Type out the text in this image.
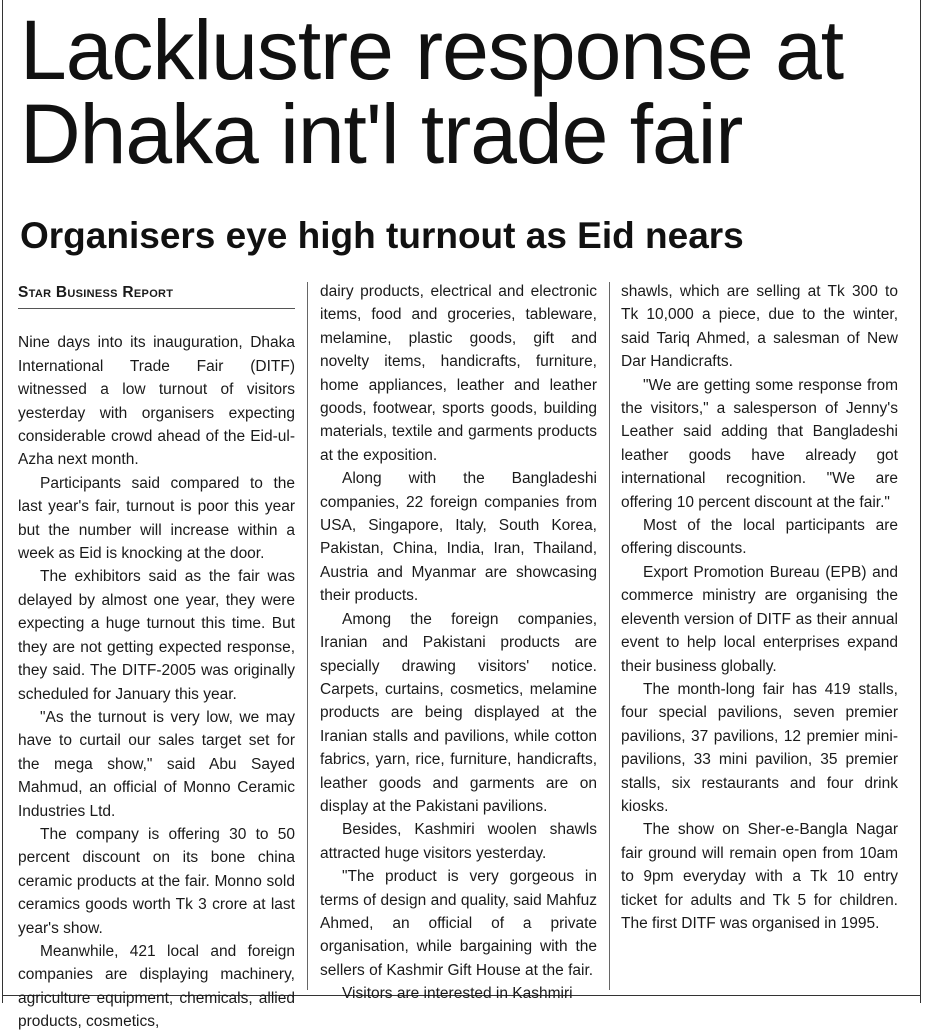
Lacklustre response at
Dhaka int'l trade fair
Organisers eye high turnout as Eid nears
Star Business Report

Nine days into its inauguration, Dhaka International Trade Fair (DITF) witnessed a low turnout of visitors yesterday with organisers expecting considerable crowd ahead of the Eid-ul-Azha next month.

Participants said compared to the last year's fair, turnout is poor this year but the number will increase within a week as Eid is knocking at the door.

The exhibitors said as the fair was delayed by almost one year, they were expecting a huge turnout this time. But they are not getting expected response, they said. The DITF-2005 was originally scheduled for January this year.

"As the turnout is very low, we may have to curtail our sales target set for the mega show," said Abu Sayed Mahmud, an official of Monno Ceramic Industries Ltd.

The company is offering 30 to 50 percent discount on its bone china ceramic products at the fair. Monno sold ceramics goods worth Tk 3 crore at last year's show.

Meanwhile, 421 local and foreign companies are displaying machinery, agriculture equipment, chemicals, allied products, cosmetics,

dairy products, electrical and electronic items, food and groceries, tableware, melamine, plastic goods, gift and novelty items, handicrafts, furniture, home appliances, leather and leather goods, footwear, sports goods, building materials, textile and garments products at the exposition.

Along with the Bangladeshi companies, 22 foreign companies from USA, Singapore, Italy, South Korea, Pakistan, China, India, Iran, Thailand, Austria and Myanmar are showcasing their products.

Among the foreign companies, Iranian and Pakistani products are specially drawing visitors' notice. Carpets, curtains, cosmetics, melamine products are being displayed at the Iranian stalls and pavilions, while cotton fabrics, yarn, rice, furniture, handicrafts, leather goods and garments are on display at the Pakistani pavilions.

Besides, Kashmiri woolen shawls attracted huge visitors yesterday.

"The product is very gorgeous in terms of design and quality, said Mahfuz Ahmed, an official of a private organisation, while bargaining with the sellers of Kashmir Gift House at the fair.

Visitors are interested in Kashmiri

shawls, which are selling at Tk 300 to Tk 10,000 a piece, due to the winter, said Tariq Ahmed, a salesman of New Dar Handicrafts.

"We are getting some response from the visitors," a salesperson of Jenny's Leather said adding that Bangladeshi leather goods have already got international recognition. "We are offering 10 percent discount at the fair."

Most of the local participants are offering discounts.

Export Promotion Bureau (EPB) and commerce ministry are organising the eleventh version of DITF as their annual event to help local enterprises expand their business globally.

The month-long fair has 419 stalls, four special pavilions, seven premier pavilions, 37 pavilions, 12 premier mini-pavilions, 33 mini pavilion, 35 premier stalls, six restaurants and four drink kiosks.

The show on Sher-e-Bangla Nagar fair ground will remain open from 10am to 9pm everyday with a Tk 10 entry ticket for adults and Tk 5 for children. The first DITF was organised in 1995.
